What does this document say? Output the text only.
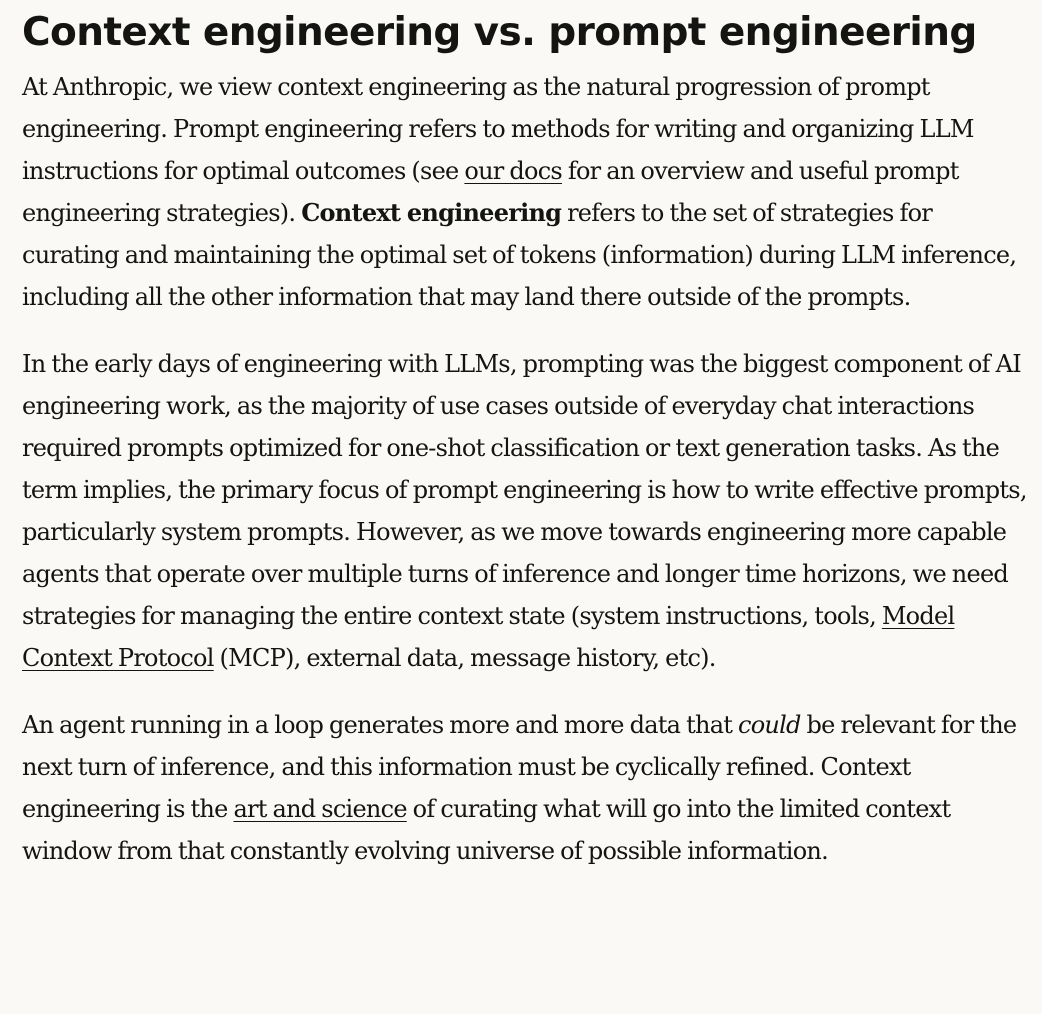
Context engineering vs. prompt engineering

At Anthropic, we view context engineering as the natural progression of prompt engineering. Prompt engineering refers to methods for writing and organizing LLM instructions for optimal outcomes (see our docs for an overview and useful prompt engineering strategies). Context engineering refers to the set of strategies for curating and maintaining the optimal set of tokens (information) during LLM inference, including all the other information that may land there outside of the prompts.

In the early days of engineering with LLMs, prompting was the biggest component of AI engineering work, as the majority of use cases outside of everyday chat interactions required prompts optimized for one-shot classification or text generation tasks. As the term implies, the primary focus of prompt engineering is how to write effective prompts, particularly system prompts. However, as we move towards engineering more capable agents that operate over multiple turns of inference and longer time horizons, we need strategies for managing the entire context state (system instructions, tools, Model Context Protocol (MCP), external data, message history, etc).

An agent running in a loop generates more and more data that could be relevant for the next turn of inference, and this information must be cyclically refined. Context engineering is the art and science of curating what will go into the limited context window from that constantly evolving universe of possible information.
